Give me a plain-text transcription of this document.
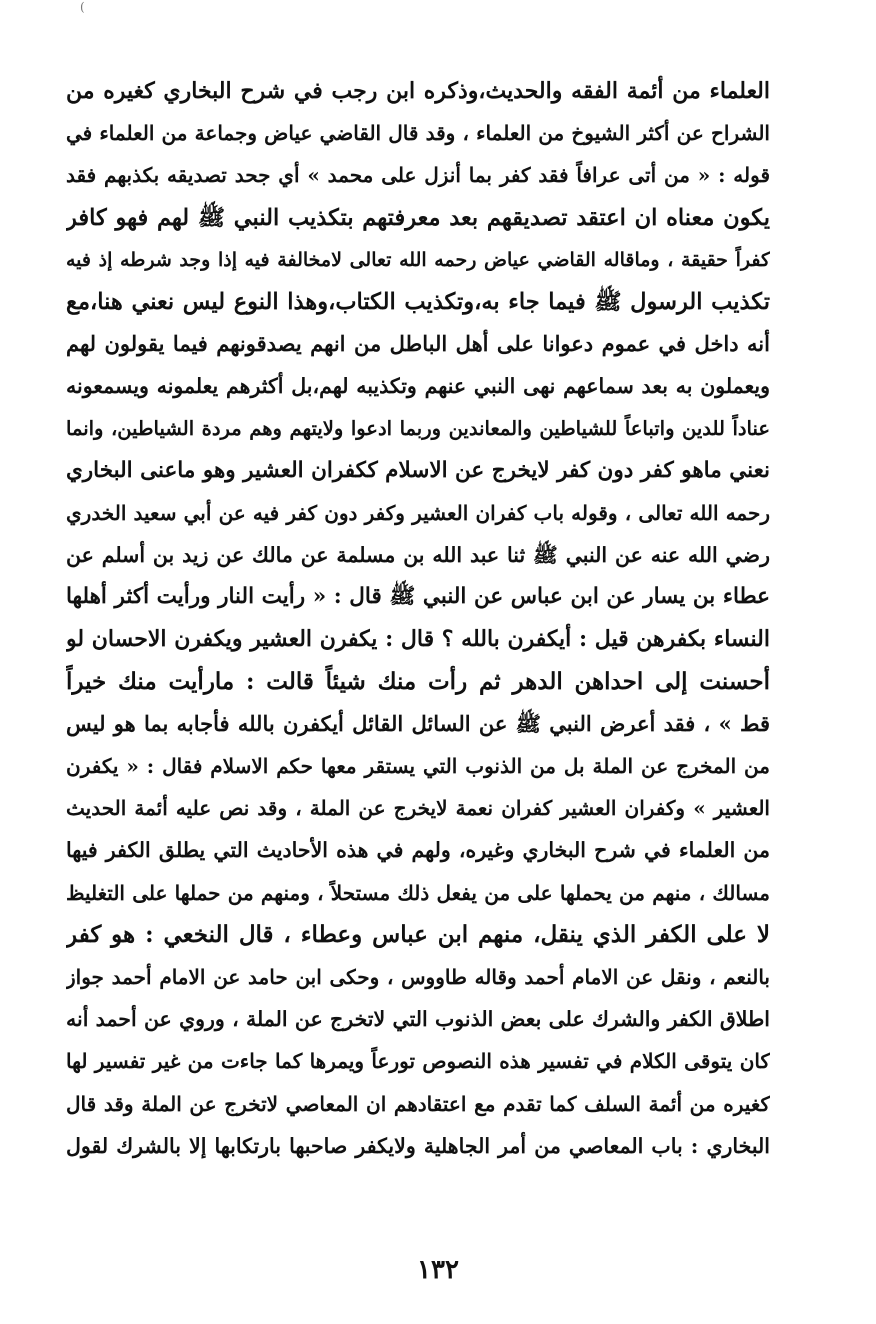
(
العلماء من أئمة الفقه والحديث،وذكره ابن رجب في شرح البخاري كغيره من
الشراح عن أكثر الشيوخ من العلماء ، وقد قال القاضي عياض وجماعة من العلماء في
قوله : « من أتى عرافاً فقد كفر بما أنزل على محمد » أي جحد تصديقه بكذبهم فقد
يكون معناه ان اعتقد تصديقهم بعد معرفتهم بتكذيب النبي ﷺ لهم فهو كافر
كفراً حقيقة ، وماقاله القاضي عياض رحمه الله تعالى لامخالفة فيه إذا وجد شرطه إذ فيه
تكذيب الرسول ﷺ فيما جاء به،وتكذيب الكتاب،وهذا النوع ليس نعني هنا،مع
أنه داخل في عموم دعوانا على أهل الباطل من انهم يصدقونهم فيما يقولون لهم
ويعملون به بعد سماعهم نهى النبي عنهم وتكذيبه لهم،بل أكثرهم يعلمونه ويسمعونه
عناداً للدين واتباعاً للشياطين والمعاندين وربما ادعوا ولايتهم وهم مردة الشياطين، وانما
نعني ماهو كفر دون كفر لايخرج عن الاسلام ككفران العشير وهو ماعنى البخاري
رحمه الله تعالى ، وقوله باب كفران العشير وكفر دون كفر فيه عن أبي سعيد الخدري
رضي الله عنه عن النبي ﷺ ثنا عبد الله بن مسلمة عن مالك عن زيد بن أسلم عن
عطاء بن يسار عن ابن عباس عن النبي ﷺ قال : « رأيت النار ورأيت أكثر أهلها
النساء بكفرهن قيل : أيكفرن بالله ؟ قال : يكفرن العشير ويكفرن الاحسان لو
أحسنت إلى احداهن الدهر ثم رأت منك شيئاً قالت : مارأيت منك خيراً
قط » ، فقد أعرض النبي ﷺ عن السائل القائل أيكفرن بالله فأجابه بما هو ليس
من المخرج عن الملة بل من الذنوب التي يستقر معها حكم الاسلام فقال : « يكفرن
العشير » وكفران العشير كفران نعمة لايخرج عن الملة ، وقد نص عليه أئمة الحديث
من العلماء في شرح البخاري وغيره، ولهم في هذه الأحاديث التي يطلق الكفر فيها
مسالك ، منهم من يحملها على من يفعل ذلك مستحلاً ، ومنهم من حملها على التغليظ
لا على الكفر الذي ينقل، منهم ابن عباس وعطاء ، قال النخعي : هو كفر
بالنعم ، ونقل عن الامام أحمد وقاله طاووس ، وحكى ابن حامد عن الامام أحمد جواز
اطلاق الكفر والشرك على بعض الذنوب التي لاتخرج عن الملة ، وروي عن أحمد أنه
كان يتوقى الكلام في تفسير هذه النصوص تورعاً ويمرها كما جاءت من غير تفسير لها
كغيره من أئمة السلف كما تقدم مع اعتقادهم ان المعاصي لاتخرج عن الملة وقد قال
البخاري : باب المعاصي من أمر الجاهلية ولايكفر صاحبها بارتكابها إلا بالشرك لقول
١٣٢
